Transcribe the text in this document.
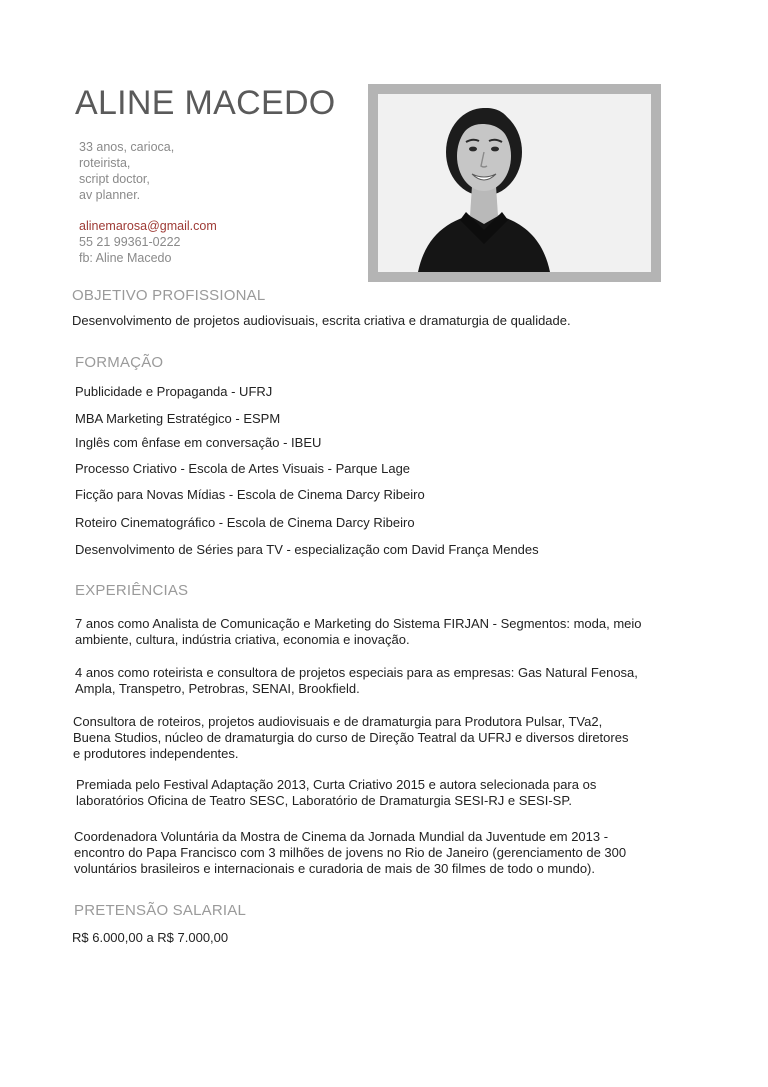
ALINE MACEDO
33 anos, carioca,
roteirista,
script doctor,
av planner.
alinemarosa@gmail.com
55 21 99361-0222
fb: Aline Macedo
OBJETIVO PROFISSIONAL
Desenvolvimento de projetos audiovisuais, escrita criativa e dramaturgia de qualidade.
FORMAÇÃO
Publicidade e Propaganda - UFRJ
MBA Marketing Estratégico - ESPM
Inglês com ênfase em conversação - IBEU
Processo Criativo - Escola de Artes Visuais - Parque Lage
Ficção para Novas Mídias - Escola de Cinema Darcy Ribeiro
Roteiro Cinematográfico - Escola de Cinema Darcy Ribeiro
Desenvolvimento de Séries para TV - especialização com David França Mendes
EXPERIÊNCIAS
7 anos como Analista de Comunicação e Marketing do Sistema FIRJAN - Segmentos: moda, meio
ambiente, cultura, indústria criativa, economia e inovação.
4 anos como roteirista e consultora de projetos especiais para as empresas: Gas Natural Fenosa,
Ampla, Transpetro, Petrobras, SENAI, Brookfield.
Consultora de roteiros, projetos audiovisuais e de dramaturgia para Produtora Pulsar, TVa2,
Buena Studios, núcleo de dramaturgia do curso de Direção Teatral da UFRJ e diversos diretores
e produtores independentes.
Premiada pelo Festival Adaptação 2013, Curta Criativo 2015 e autora selecionada para os
laboratórios Oficina de Teatro SESC, Laboratório de Dramaturgia SESI-RJ e SESI-SP.
Coordenadora Voluntária da Mostra de Cinema da Jornada Mundial da Juventude em 2013 -
encontro do Papa Francisco com 3 milhões de jovens no Rio de Janeiro (gerenciamento de 300
voluntários brasileiros e internacionais e curadoria de mais de 30 filmes de todo o mundo).
PRETENSÃO SALARIAL
R$ 6.000,00 a R$ 7.000,00
